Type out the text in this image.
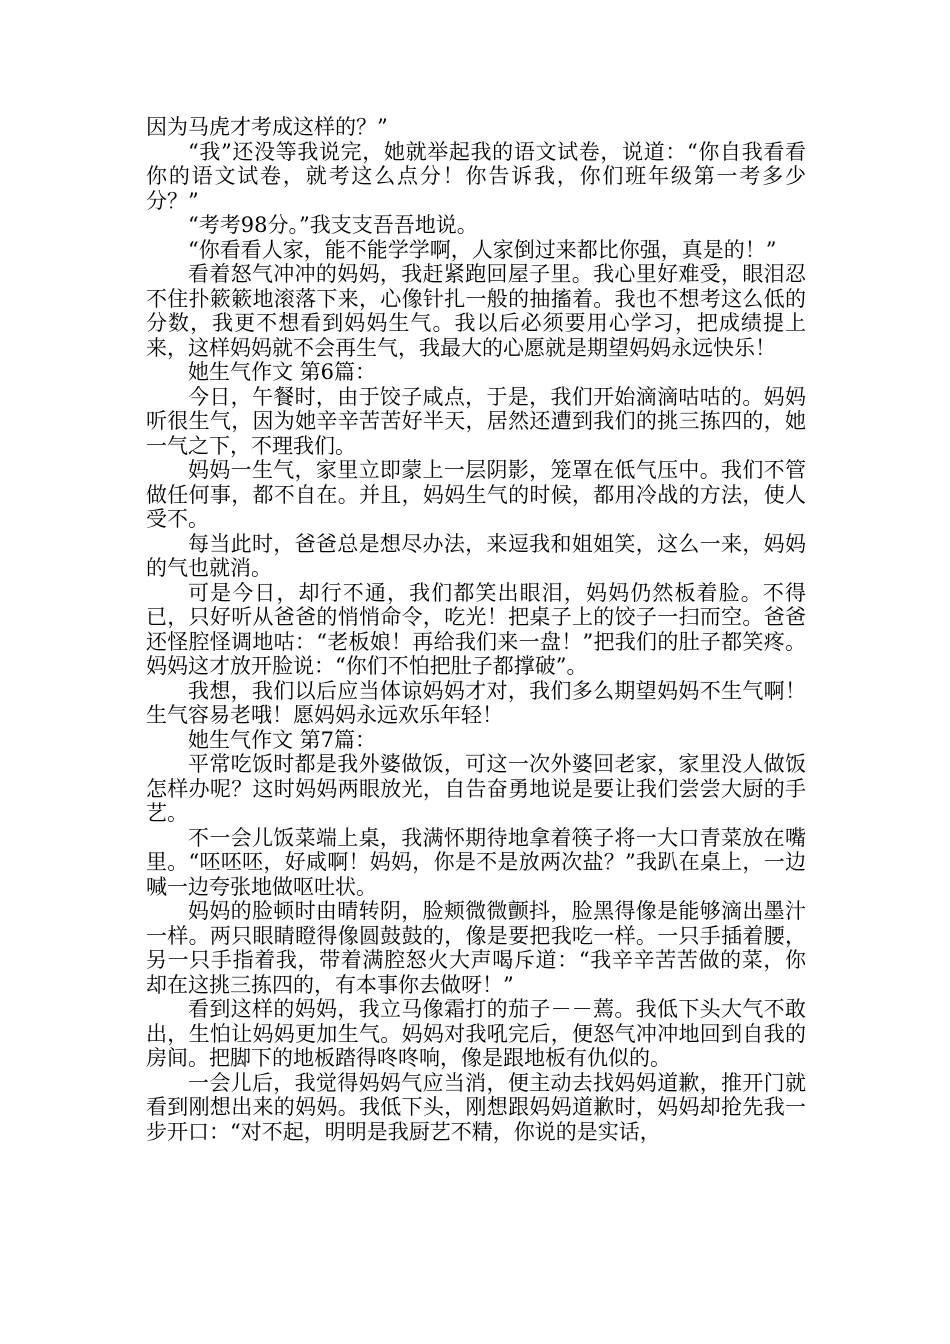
因为马虎才考成这样的？”

“我”还没等我说完，她就举起我的语文试卷，说道：“你自我看看你的语文试卷，就考这么点分！你告诉我，你们班年级第一考多少分？”

“考考98分。”我支支吾吾地说。

“你看看人家，能不能学学啊，人家倒过来都比你强，真是的！”

看着怒气冲冲的妈妈，我赶紧跑回屋子里。我心里好难受，眼泪忍不住扑簌簌地滚落下来，心像针扎一般的抽搐着。我也不想考这么低的分数，我更不想看到妈妈生气。我以后必须要用心学习，把成绩提上来，这样妈妈就不会再生气，我最大的心愿就是期望妈妈永远快乐！

她生气作文 第6篇：

今日，午餐时，由于饺子咸点，于是，我们开始滴滴咕咕的。妈妈听很生气，因为她辛辛苦苦好半天，居然还遭到我们的挑三拣四的，她一气之下，不理我们。

妈妈一生气，家里立即蒙上一层阴影，笼罩在低气压中。我们不管做任何事，都不自在。并且，妈妈生气的时候，都用冷战的方法，使人受不。

每当此时，爸爸总是想尽办法，来逗我和姐姐笑，这么一来，妈妈的气也就消。

可是今日，却行不通，我们都笑出眼泪，妈妈仍然板着脸。不得已，只好听从爸爸的悄悄命令，吃光！把桌子上的饺子一扫而空。爸爸还怪腔怪调地咕：“老板娘！再给我们来一盘！”把我们的肚子都笑疼。妈妈这才放开脸说：“你们不怕把肚子都撑破”。

我想，我们以后应当体谅妈妈才对，我们多么期望妈妈不生气啊！生气容易老哦！愿妈妈永远欢乐年轻！

她生气作文 第7篇：

平常吃饭时都是我外婆做饭，可这一次外婆回老家，家里没人做饭怎样办呢？这时妈妈两眼放光，自告奋勇地说是要让我们尝尝大厨的手艺。

不一会儿饭菜端上桌，我满怀期待地拿着筷子将一大口青菜放在嘴里。“呸呸呸，好咸啊！妈妈，你是不是放两次盐？”我趴在桌上，一边喊一边夸张地做呕吐状。

妈妈的脸顿时由晴转阴，脸颊微微颤抖，脸黑得像是能够滴出墨汁一样。两只眼睛瞪得像圆鼓鼓的，像是要把我吃一样。一只手插着腰，另一只手指着我，带着满腔怒火大声喝斥道：“我辛辛苦苦做的菜，你却在这挑三拣四的，有本事你去做呀！”

看到这样的妈妈，我立马像霜打的茄子－－蔫。我低下头大气不敢出，生怕让妈妈更加生气。妈妈对我吼完后，便怒气冲冲地回到自我的房间。把脚下的地板踏得咚咚响，像是跟地板有仇似的。

一会儿后，我觉得妈妈气应当消，便主动去找妈妈道歉，推开门就看到刚想出来的妈妈。我低下头，刚想跟妈妈道歉时，妈妈却抢先我一步开口：“对不起，明明是我厨艺不精，你说的是实话，
